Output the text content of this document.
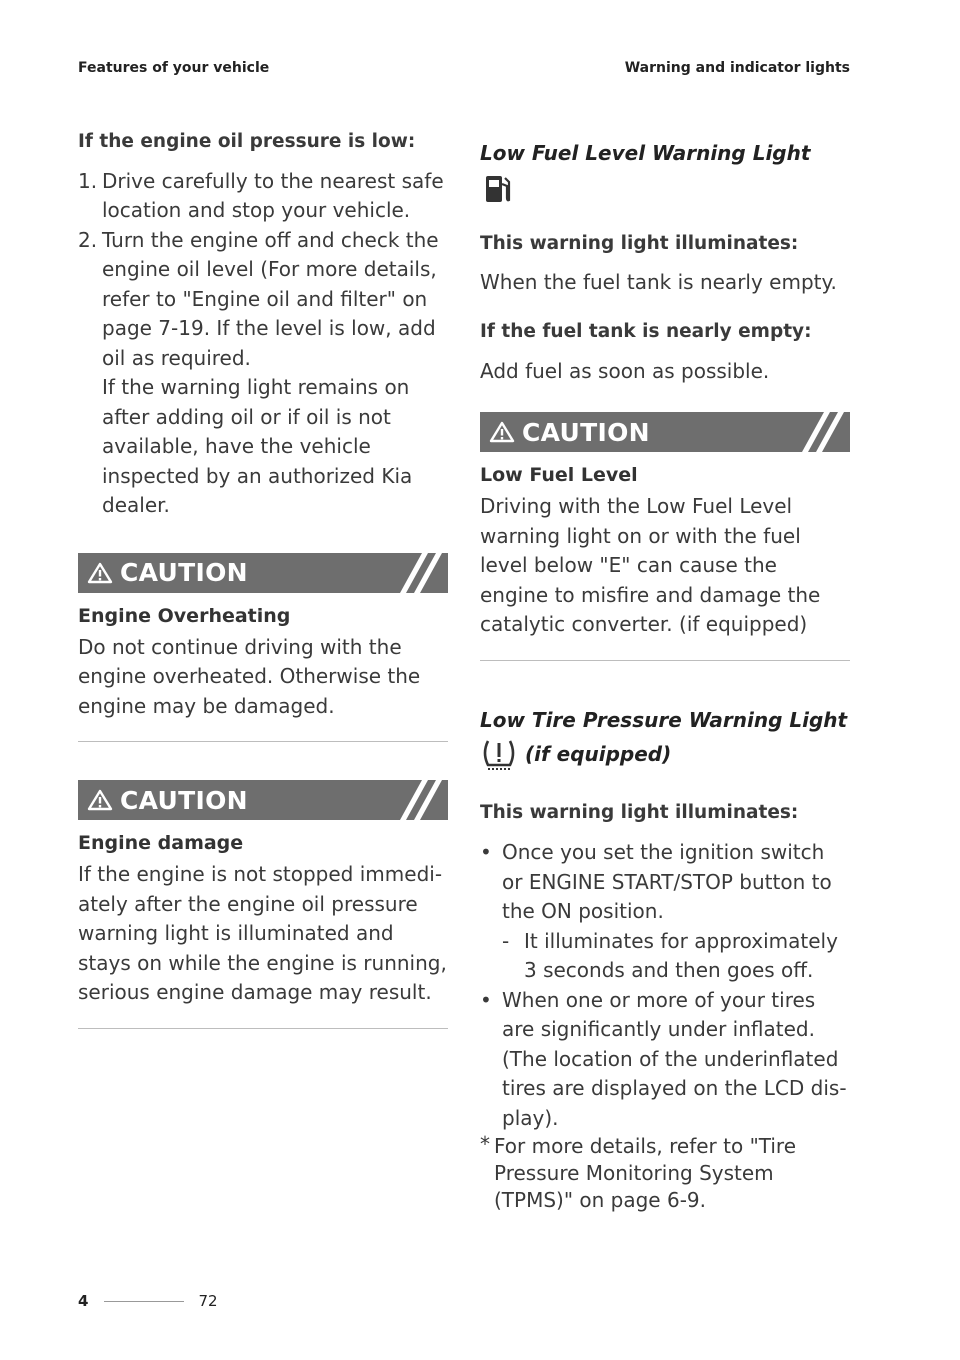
Features of your vehicle	Warning and indicator lights
If the engine oil pressure is low:
1. Drive carefully to the nearest safe location and stop your vehicle.
2. Turn the engine off and check the engine oil level (For more details, refer to "Engine oil and filter" on page 7-19. If the level is low, add oil as required.
If the warning light remains on after adding oil or if oil is not available, have the vehicle inspected by an authorized Kia dealer.
CAUTION
Engine Overheating
Do not continue driving with the engine overheated. Otherwise the engine may be damaged.
CAUTION
Engine damage
If the engine is not stopped immedi-ately after the engine oil pressure warning light is illuminated and stays on while the engine is running, serious engine damage may result.
Low Fuel Level Warning Light
This warning light illuminates:
When the fuel tank is nearly empty.
If the fuel tank is nearly empty:
Add fuel as soon as possible.
CAUTION
Low Fuel Level
Driving with the Low Fuel Level warning light on or with the fuel level below "E" can cause the engine to misfire and damage the catalytic converter. (if equipped)
Low Tire Pressure Warning Light
(if equipped)
This warning light illuminates:
• Once you set the ignition switch or ENGINE START/STOP button to the ON position.
- It illuminates for approximately 3 seconds and then goes off.
• When one or more of your tires are significantly under inflated. (The location of the underinflated tires are displayed on the LCD dis-play).
* For more details, refer to "Tire Pressure Monitoring System (TPMS)" on page 6-9.
4	72
